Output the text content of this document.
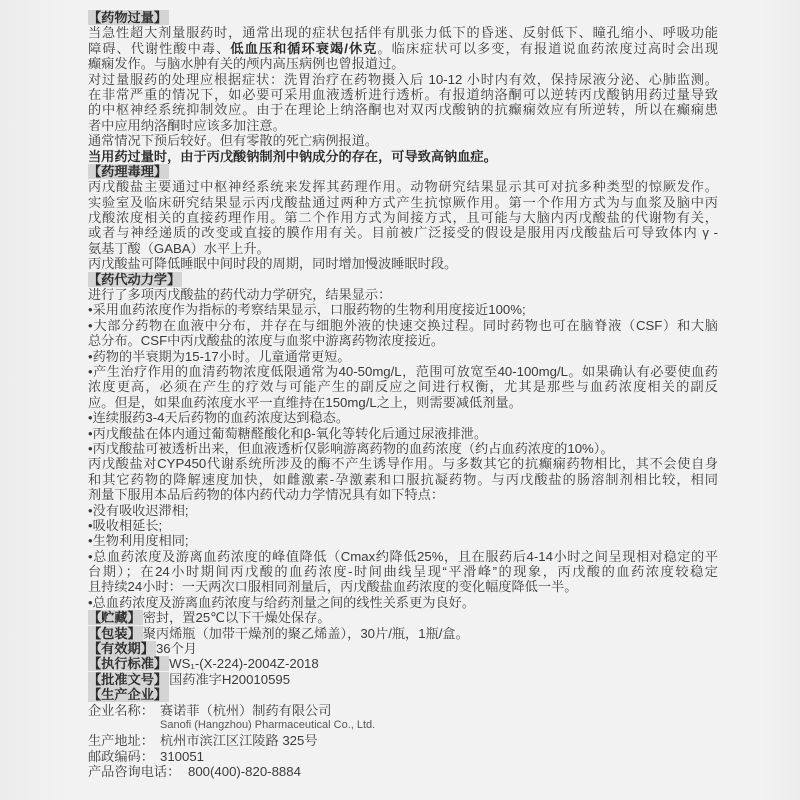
【药物过量】
当急性超大剂量服药时，通常出现的症状包括伴有肌张力低下的昏迷、反射低下、瞳孔缩小、呼吸功能
障碍、代谢性酸中毒、低血压和循环衰竭/休克。临床症状可以多变，有报道说血药浓度过高时会出现
癫痫发作。与脑水肿有关的颅内高压病例也曾报道过。
对过量服药的处理应根据症状：洗胃治疗在药物摄入后 10-12 小时内有效，保持尿液分泌、心肺监测。
在非常严重的情况下，如必要可采用血液透析进行透析。有报道纳洛酮可以逆转丙戊酸钠用药过量导致
的中枢神经系统抑制效应。由于在理论上纳洛酮也对双丙戊酸钠的抗癫痫效应有所逆转，所以在癫痫患
者中应用纳洛酮时应该多加注意。
通常情况下预后较好。但有零散的死亡病例报道。
当用药过量时，由于丙戊酸钠制剂中钠成分的存在，可导致高钠血症。
【药理毒理】
丙戊酸盐主要通过中枢神经系统来发挥其药理作用。动物研究结果显示其可对抗多种类型的惊厥发作。
实验室及临床研究结果显示丙戊酸盐通过两种方式产生抗惊厥作用。第一个作用方式为与血浆及脑中丙
戊酸浓度相关的直接药理作用。第二个作用方式为间接方式，且可能与大脑内丙戊酸盐的代谢物有关，
或者与神经递质的改变或直接的膜作用有关。目前被广泛接受的假设是服用丙戊酸盐后可导致体内 γ -
氨基丁酸（GABA）水平上升。
丙戊酸盐可降低睡眠中间时段的周期，同时增加慢波睡眠时段。
【药代动力学】
进行了多项丙戊酸盐的药代动力学研究，结果显示：
•采用血药浓度作为指标的考察结果显示，口服药物的生物利用度接近100%;
•大部分药物在血液中分布，并存在与细胞外液的快速交换过程。同时药物也可在脑脊液（CSF）和大脑
总分布。CSF中丙戊酸盐的浓度与血浆中游离药物浓度接近。
•药物的半衰期为15-17小时。儿童通常更短。
•产生治疗作用的血清药物浓度低限通常为40-50mg/L，范围可放宽至40-100mg/L。如果确认有必要使血药
浓度更高，必须在产生的疗效与可能产生的副反应之间进行权衡，尤其是那些与血药浓度相关的副反
应。但是，如果血药浓度水平一直维持在150mg/L之上，则需要减低剂量。
•连续服药3-4天后药物的血药浓度达到稳态。
•丙戊酸盐在体内通过葡萄糖醛酸化和β-氧化等转化后通过尿液排泄。
•丙戊酸盐可被透析出来，但血液透析仅影响游离药物的血药浓度（约占血药浓度的10%）。
丙戊酸盐对CYP450代谢系统所涉及的酶不产生诱导作用。与多数其它的抗癫痫药物相比，其不会使自身
和其它药物的降解速度加快，如雌激素-孕激素和口服抗凝药物。与丙戊酸盐的肠溶制剂相比较，相同
剂量下服用本品后药物的体内药代动力学情况具有如下特点：
•没有吸收迟滞相;
•吸收相延长;
•生物利用度相同;
•总血药浓度及游离血药浓度的峰值降低（Cmax约降低25%，且在服药后4-14小时之间呈现相对稳定的平
台期）；在24小时期间丙戊酸的血药浓度-时间曲线呈现“平滑峰”的现象，丙戊酸的血药浓度较稳定
且持续24小时：一天两次口服相同剂量后，丙戊酸盐血药浓度的变化幅度降低一半。
•总血药浓度及游离血药浓度与给药剂量之间的线性关系更为良好。
【贮藏】 密封，置25℃以下干燥处保存。
【包装】 聚丙烯瓶（加带干燥剂的聚乙烯盖），30片/瓶，1瓶/盒。
【有效期】 36个月
【执行标准】 WS₁-(X-224)-2004Z-2018
【批准文号】 国药准字H20010595
【生产企业】
企业名称： 赛诺菲（杭州）制药有限公司
Sanofi (Hangzhou) Pharmaceutical Co., Ltd.
生产地址： 杭州市滨江区江陵路 325号
邮政编码： 310051
产品咨询电话： 800(400)-820-8884
